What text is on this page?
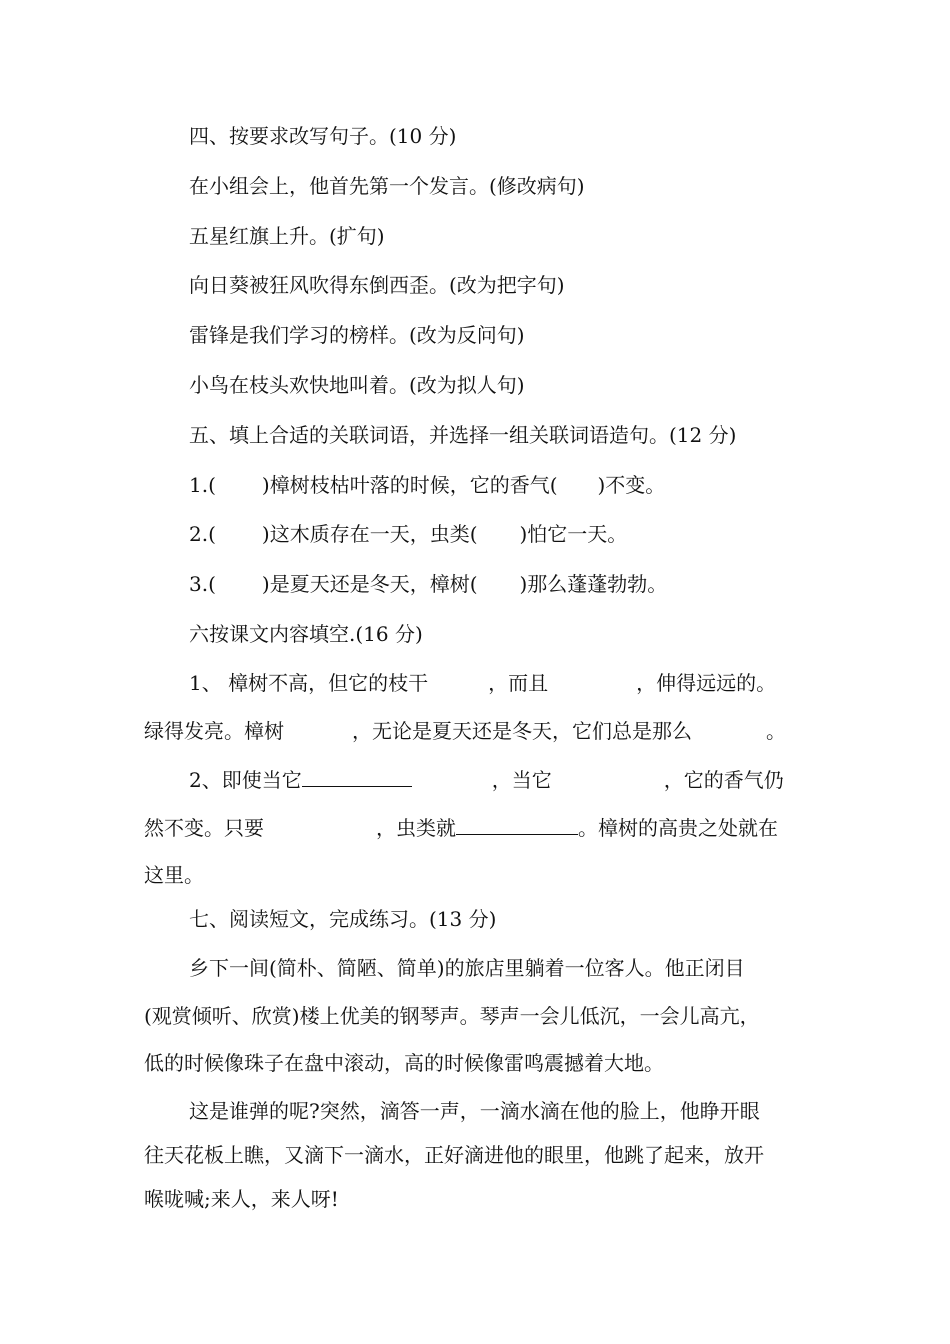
四、按要求改写句子。(10 分)
在小组会上，他首先第一个发言。(修改病句)
五星红旗上升。(扩句)
向日葵被狂风吹得东倒西歪。(改为把字句)
雷锋是我们学习的榜样。(改为反问句)
小鸟在枝头欢快地叫着。(改为拟人句)
五、填上合适的关联词语，并选择一组关联词语造句。(12 分)
1.( )樟树枝枯叶落的时候，它的香气( )不变。
2.( )这木质存在一天，虫类( )怕它一天。
3.( )是夏天还是冬天，樟树( )那么蓬蓬勃勃。
六按课文内容填空.(16 分)
1、 樟树不高，但它的枝干	，而且	，伸得远远的。
绿得发亮。樟树	，无论是夏天还是冬天，它们总是那么	。
2、即使当它	，当它	，它的香气仍
然不变。只要	，虫类就	。樟树的高贵之处就在
这里。
七、阅读短文，完成练习。(13 分)
乡下一间(简朴、简陋、简单)的旅店里躺着一位客人。他正闭目
(观赏倾听、欣赏)楼上优美的钢琴声。琴声一会儿低沉，一会儿高亢，
低的时候像珠子在盘中滚动，高的时候像雷鸣震撼着大地。
这是谁弹的呢?突然，滴答一声，一滴水滴在他的脸上，他睁开眼
往天花板上瞧，又滴下一滴水，正好滴进他的眼里，他跳了起来，放开
喉咙喊;来人，来人呀!
